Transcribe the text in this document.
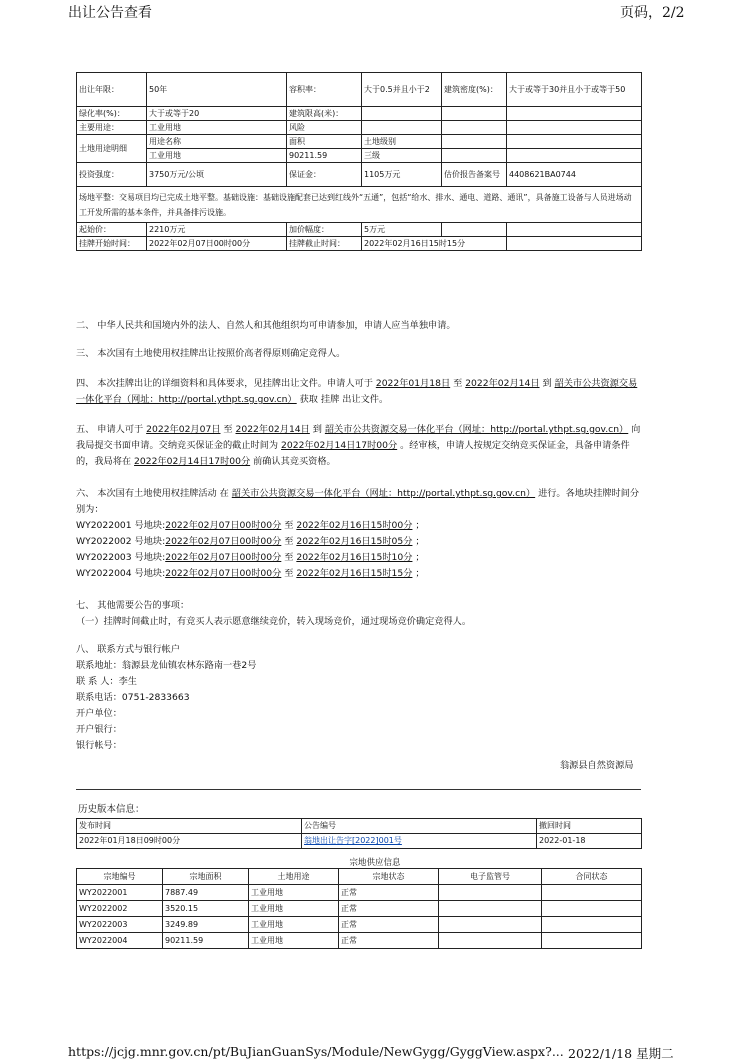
出让公告查看	页码，2/2
出让年限：	50年	容积率：	大于0.5并且小于2	建筑密度(%)：	大于或等于30并且小于或等于50
绿化率(%)：	大于或等于20	建筑限高(米)：			
主要用途：	工业用地	风险			
土地用途明细	用途名称	面积	土地级别		
	工业用地	90211.59	三级		
投资强度：	3750万元/公顷	保证金：	1105万元	估价报告备案号	4408621BA0744
场地平整：交易项目均已完成土地平整。基础设施：基础设施配套已达到红线外“五通”，包括“给水、排水、通电、道路、通讯”，具备施工设备与人员进场动工开发所需的基本条件，并具备排污设施。					
起始价：	2210万元	加价幅度：	5万元		
挂牌开始时间：	2022年02月07日00时00分	挂牌截止时间：	2022年02月16日15时15分		

二、 中华人民共和国境内外的法人、自然人和其他组织均可申请参加，申请人应当单独申请。

三、 本次国有土地使用权挂牌出让按照价高者得原则确定竞得人。

四、 本次挂牌出让的详细资料和具体要求，见挂牌出让文件。申请人可于 2022年01月18日 至 2022年02月14日 到 韶关市公共资源交易一体化平台（网址：http://portal.ythpt.sg.gov.cn） 获取 挂牌 出让文件。

五、 申请人可于 2022年02月07日 至 2022年02月14日 到 韶关市公共资源交易一体化平台（网址：http://portal.ythpt.sg.gov.cn） 向我局提交书面申请。交纳竞买保证金的截止时间为 2022年02月14日17时00分 。经审核，申请人按规定交纳竞买保证金，具备申请条件的，我局将在 2022年02月14日17时00分 前确认其竞买资格。

六、 本次国有土地使用权挂牌活动 在 韶关市公共资源交易一体化平台（网址：http://portal.ythpt.sg.gov.cn） 进行。各地块挂牌时间分别为：

WY2022001 号地块:2022年02月07日00时00分 至 2022年02月16日15时00分 ；

WY2022002 号地块:2022年02月07日00时00分 至 2022年02月16日15时05分 ；

WY2022003 号地块:2022年02月07日00时00分 至 2022年02月16日15时10分 ；

WY2022004 号地块:2022年02月07日00时00分 至 2022年02月16日15时15分 ；

七、 其他需要公告的事项：

（一）挂牌时间截止时，有竞买人表示愿意继续竞价，转入现场竞价，通过现场竞价确定竞得人。

八、 联系方式与银行帐户

联系地址：翁源县龙仙镇农林东路南一巷2号

联 系 人：李生

联系电话：0751-2833663

开户单位：

开户银行：

银行帐号：

翁源县自然资源局
历史版本信息：
发布时间	公告编号	撤回时间
2022年01月18日09时00分	翁地出让告字[2022]001号	2022-01-18
宗地供应信息
宗地编号	宗地面积	土地用途	宗地状态	电子监管号	合同状态
WY2022001	7887.49	工业用地	正常		
WY2022002	3520.15	工业用地	正常		
WY2022003	3249.89	工业用地	正常		
WY2022004	90211.59	工业用地	正常		
https://jcjg.mnr.gov.cn/pt/BuJianGuanSys/Module/NewGygg/GyggView.aspx?... 2022/1/18 星期二
